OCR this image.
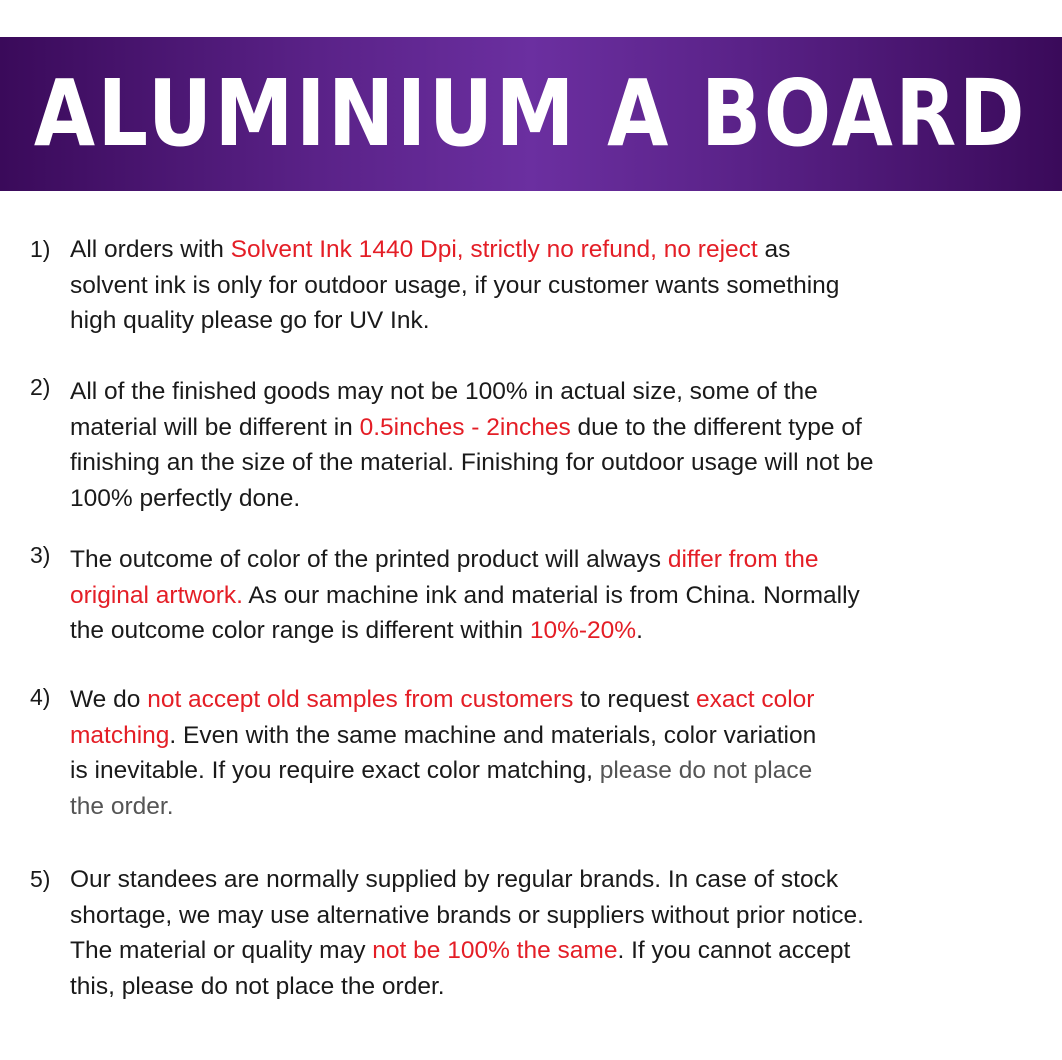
ALUMINIUM A BOARD
1) All orders with Solvent Ink 1440 Dpi, strictly no refund, no reject as
solvent ink is only for outdoor usage, if your customer wants something
high quality please go for UV Ink.
2) All of the finished goods may not be 100% in actual size, some of the
material will be different in 0.5inches - 2inches due to the different type of
finishing an the size of the material. Finishing for outdoor usage will not be
100% perfectly done.
3) The outcome of color of the printed product will always differ from the
original artwork. As our machine ink and material is from China. Normally
the outcome color range is different within 10%-20%.
4) We do not accept old samples from customers to request exact color
matching. Even with the same machine and materials, color variation
is inevitable. If you require exact color matching, please do not place
the order.
5) Our standees are normally supplied by regular brands. In case of stock
shortage, we may use alternative brands or suppliers without prior notice.
The material or quality may not be 100% the same. If you cannot accept
this, please do not place the order.
